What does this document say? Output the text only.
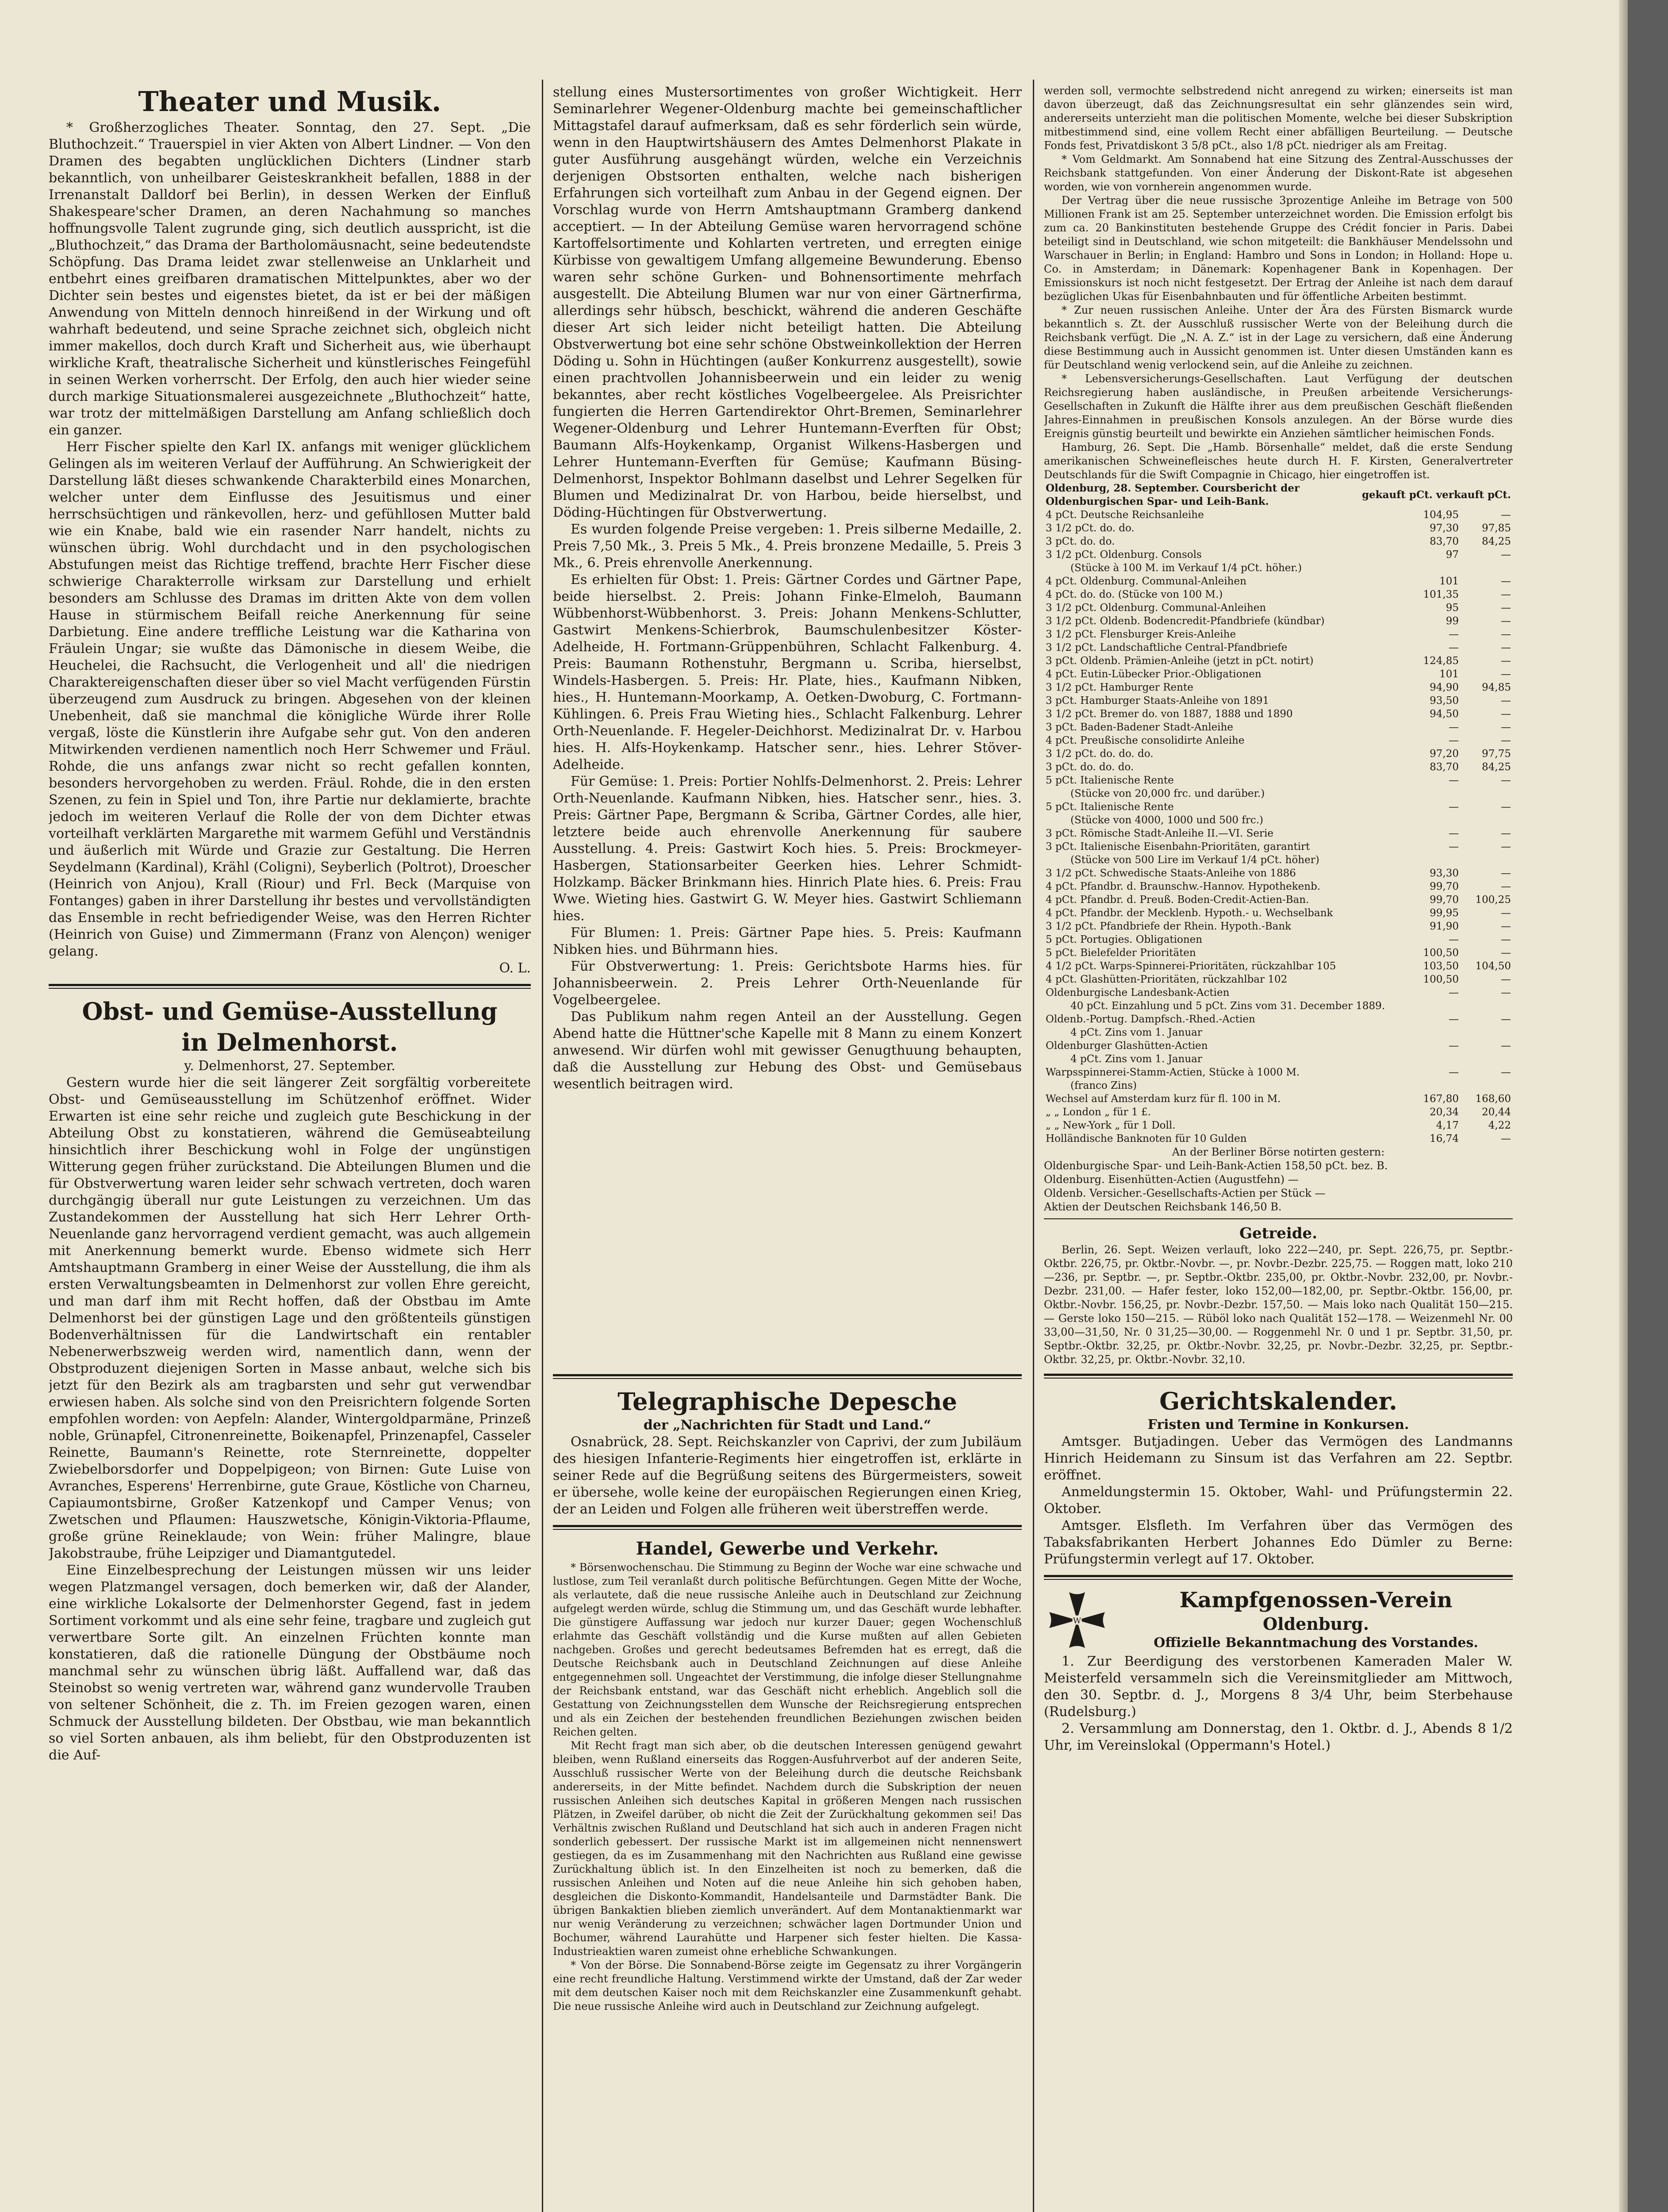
Theater und Musik.

* Großherzogliches Theater. Sonntag, den 27. Sept. „Die Bluthochzeit.“ Trauerspiel in vier Akten von Albert Lindner. — Von den Dramen des begabten unglücklichen Dichters (Lindner starb bekanntlich, von unheilbarer Geisteskrankheit befallen, 1888 in der Irrenanstalt Dalldorf bei Berlin), in dessen Werken der Einfluß Shakespeare'scher Dramen, an deren Nachahmung so manches hoffnungsvolle Talent zugrunde ging, sich deutlich ausspricht, ist die „Bluthochzeit,“ das Drama der Bartholomäusnacht, seine bedeutendste Schöpfung. Das Drama leidet zwar stellenweise an Unklarheit und entbehrt eines greifbaren dramatischen Mittelpunktes, aber wo der Dichter sein bestes und eigenstes bietet, da ist er bei der mäßigen Anwendung von Mitteln dennoch hinreißend in der Wirkung und oft wahrhaft bedeutend, und seine Sprache zeichnet sich, obgleich nicht immer makellos, doch durch Kraft und Sicherheit aus, wie überhaupt wirkliche Kraft, theatralische Sicherheit und künstlerisches Feingefühl in seinen Werken vorherrscht. Der Erfolg, den auch hier wieder seine durch markige Situationsmalerei ausgezeichnete „Bluthochzeit“ hatte, war trotz der mittelmäßigen Darstellung am Anfang schließlich doch ein ganzer.

Herr Fischer spielte den Karl IX. anfangs mit weniger glücklichem Gelingen als im weiteren Verlauf der Aufführung. An Schwierigkeit der Darstellung läßt dieses schwankende Charakterbild eines Monarchen, welcher unter dem Einflusse des Jesuitismus und einer herrschsüchtigen und ränkevollen, herz- und gefühllosen Mutter bald wie ein Knabe, bald wie ein rasender Narr handelt, nichts zu wünschen übrig. Wohl durchdacht und in den psychologischen Abstufungen meist das Richtige treffend, brachte Herr Fischer diese schwierige Charakterrolle wirksam zur Darstellung und erhielt besonders am Schlusse des Dramas im dritten Akte von dem vollen Hause in stürmischem Beifall reiche Anerkennung für seine Darbietung. Eine andere treffliche Leistung war die Katharina von Fräulein Ungar; sie wußte das Dämonische in diesem Weibe, die Heuchelei, die Rachsucht, die Verlogenheit und all' die niedrigen Charaktereigenschaften dieser über so viel Macht verfügenden Fürstin überzeugend zum Ausdruck zu bringen. Abgesehen von der kleinen Unebenheit, daß sie manchmal die königliche Würde ihrer Rolle vergaß, löste die Künstlerin ihre Aufgabe sehr gut. Von den anderen Mitwirkenden verdienen namentlich noch Herr Schwemer und Fräul. Rohde, die uns anfangs zwar nicht so recht gefallen konnten, besonders hervorgehoben zu werden. Fräul. Rohde, die in den ersten Szenen, zu fein in Spiel und Ton, ihre Partie nur deklamierte, brachte jedoch im weiteren Verlauf die Rolle der von dem Dichter etwas vorteilhaft verklärten Margarethe mit warmem Gefühl und Verständnis und äußerlich mit Würde und Grazie zur Gestaltung. Die Herren Seydelmann (Kardinal), Krähl (Coligni), Seyberlich (Poltrot), Droescher (Heinrich von Anjou), Krall (Riour) und Frl. Beck (Marquise von Fontanges) gaben in ihrer Darstellung ihr bestes und vervollständigten das Ensemble in recht befriedigender Weise, was den Herren Richter (Heinrich von Guise) und Zimmermann (Franz von Alençon) weniger gelang.

O. L.

Obst- und Gemüse-Ausstellung
in Delmenhorst.

y. Delmenhorst, 27. September.

Gestern wurde hier die seit längerer Zeit sorgfältig vorbereitete Obst- und Gemüseausstellung im Schützenhof eröffnet. Wider Erwarten ist eine sehr reiche und zugleich gute Beschickung in der Abteilung Obst zu konstatieren, während die Gemüseabteilung hinsichtlich ihrer Beschickung wohl in Folge der ungünstigen Witterung gegen früher zurückstand. Die Abteilungen Blumen und die für Obstverwertung waren leider sehr schwach vertreten, doch waren durchgängig überall nur gute Leistungen zu verzeichnen. Um das Zustandekommen der Ausstellung hat sich Herr Lehrer Orth-Neuenlande ganz hervorragend verdient gemacht, was auch allgemein mit Anerkennung bemerkt wurde. Ebenso widmete sich Herr Amtshauptmann Gramberg in einer Weise der Ausstellung, die ihm als ersten Verwaltungsbeamten in Delmenhorst zur vollen Ehre gereicht, und man darf ihm mit Recht hoffen, daß der Obstbau im Amte Delmenhorst bei der günstigen Lage und den größtenteils günstigen Bodenverhältnissen für die Landwirtschaft ein rentabler Nebenerwerbszweig werden wird, namentlich dann, wenn der Obstproduzent diejenigen Sorten in Masse anbaut, welche sich bis jetzt für den Bezirk als am tragbarsten und sehr gut verwendbar erwiesen haben. Als solche sind von den Preisrichtern folgende Sorten empfohlen worden: von Aepfeln: Alander, Wintergoldparmäne, Prinzeß noble, Grünapfel, Citronenreinette, Boikenapfel, Prinzenapfel, Casseler Reinette, Baumann's Reinette, rote Sternreinette, doppelter Zwiebelborsdorfer und Doppelpigeon; von Birnen: Gute Luise von Avranches, Esperens' Herrenbirne, gute Graue, Köstliche von Charneu, Capiaumontsbirne, Großer Katzenkopf und Camper Venus; von Zwetschen und Pflaumen: Hauszwetsche, Königin-Viktoria-Pflaume, große grüne Reineklaude; von Wein: früher Malingre, blaue Jakobstraube, frühe Leipziger und Diamantgutedel.

Eine Einzelbesprechung der Leistungen müssen wir uns leider wegen Platzmangel versagen, doch bemerken wir, daß der Alander, eine wirkliche Lokalsorte der Delmenhorster Gegend, fast in jedem Sortiment vorkommt und als eine sehr feine, tragbare und zugleich gut verwertbare Sorte gilt. An einzelnen Früchten konnte man konstatieren, daß die rationelle Düngung der Obstbäume noch manchmal sehr zu wünschen übrig läßt. Auffallend war, daß das Steinobst so wenig vertreten war, während ganz wundervolle Trauben von seltener Schönheit, die z. Th. im Freien gezogen waren, einen Schmuck der Ausstellung bildeten. Der Obstbau, wie man bekanntlich so viel Sorten anbauen, als ihm beliebt, für den Obstproduzenten ist die Auf-

stellung eines Mustersortimentes von großer Wichtigkeit. Herr Seminarlehrer Wegener-Oldenburg machte bei gemeinschaftlicher Mittagstafel darauf aufmerksam, daß es sehr förderlich sein würde, wenn in den Hauptwirtshäusern des Amtes Delmenhorst Plakate in guter Ausführung ausgehängt würden, welche ein Verzeichnis derjenigen Obstsorten enthalten, welche nach bisherigen Erfahrungen sich vorteilhaft zum Anbau in der Gegend eignen. Der Vorschlag wurde von Herrn Amtshauptmann Gramberg dankend acceptiert. — In der Abteilung Gemüse waren hervorragend schöne Kartoffelsortimente und Kohlarten vertreten, und erregten einige Kürbisse von gewaltigem Umfang allgemeine Bewunderung. Ebenso waren sehr schöne Gurken- und Bohnensortimente mehrfach ausgestellt. Die Abteilung Blumen war nur von einer Gärtnerfirma, allerdings sehr hübsch, beschickt, während die anderen Geschäfte dieser Art sich leider nicht beteiligt hatten. Die Abteilung Obstverwertung bot eine sehr schöne Obstweinkollektion der Herren Döding u. Sohn in Hüchtingen (außer Konkurrenz ausgestellt), sowie einen prachtvollen Johannisbeerwein und ein leider zu wenig bekanntes, aber recht köstliches Vogelbeergelee. Als Preisrichter fungierten die Herren Gartendirektor Ohrt-Bremen, Seminarlehrer Wegener-Oldenburg und Lehrer Huntemann-Everften für Obst; Baumann Alfs-Hoykenkamp, Organist Wilkens-Hasbergen und Lehrer Huntemann-Everften für Gemüse; Kaufmann Büsing-Delmenhorst, Inspektor Bohlmann daselbst und Lehrer Segelken für Blumen und Medizinalrat Dr. von Harbou, beide hierselbst, und Döding-Hüchtingen für Obstverwertung.

Es wurden folgende Preise vergeben: 1. Preis silberne Medaille, 2. Preis 7,50 Mk., 3. Preis 5 Mk., 4. Preis bronzene Medaille, 5. Preis 3 Mk., 6. Preis ehrenvolle Anerkennung.

Es erhielten für Obst: 1. Preis: Gärtner Cordes und Gärtner Pape, beide hierselbst. 2. Preis: Johann Finke-Elmeloh, Baumann Wübbenhorst-Wübbenhorst. 3. Preis: Johann Menkens-Schlutter, Gastwirt Menkens-Schierbrok, Baumschulenbesitzer Köster-Adelheide, H. Fortmann-Grüppenbühren, Schlacht Falkenburg. 4. Preis: Baumann Rothenstuhr, Bergmann u. Scriba, hierselbst, Windels-Hasbergen. 5. Preis: Hr. Plate, hies., Kaufmann Nibken, hies., H. Huntemann-Moorkamp, A. Oetken-Dwoburg, C. Fortmann-Kühlingen. 6. Preis Frau Wieting hies., Schlacht Falkenburg. Lehrer Orth-Neuenlande. F. Hegeler-Deichhorst. Medizinalrat Dr. v. Harbou hies. H. Alfs-Hoykenkamp. Hatscher senr., hies. Lehrer Stöver-Adelheide.

Für Gemüse: 1. Preis: Portier Nohlfs-Delmenhorst. 2. Preis: Lehrer Orth-Neuenlande. Kaufmann Nibken, hies. Hatscher senr., hies. 3. Preis: Gärtner Pape, Bergmann & Scriba, Gärtner Cordes, alle hier, letztere beide auch ehrenvolle Anerkennung für saubere Ausstellung. 4. Preis: Gastwirt Koch hies. 5. Preis: Brockmeyer-Hasbergen, Stationsarbeiter Geerken hies. Lehrer Schmidt-Holzkamp. Bäcker Brinkmann hies. Hinrich Plate hies. 6. Preis: Frau Wwe. Wieting hies. Gastwirt G. W. Meyer hies. Gastwirt Schliemann hies.

Für Blumen: 1. Preis: Gärtner Pape hies. 5. Preis: Kaufmann Nibken hies. und Bührmann hies.

Für Obstverwertung: 1. Preis: Gerichtsbote Harms hies. für Johannisbeerwein. 2. Preis Lehrer Orth-Neuenlande für Vogelbeergelee.

Das Publikum nahm regen Anteil an der Ausstellung. Gegen Abend hatte die Hüttner'sche Kapelle mit 8 Mann zu einem Konzert anwesend. Wir dürfen wohl mit gewisser Genugthuung behaupten, daß die Ausstellung zur Hebung des Obst- und Gemüsebaus wesentlich beitragen wird.

Telegraphische Depesche

der „Nachrichten für Stadt und Land.“

Osnabrück, 28. Sept. Reichskanzler von Caprivi, der zum Jubiläum des hiesigen Infanterie-Regiments hier eingetroffen ist, erklärte in seiner Rede auf die Begrüßung seitens des Bürgermeisters, soweit er übersehe, wolle keine der europäischen Regierungen einen Krieg, der an Leiden und Folgen alle früheren weit überstreffen werde.

Handel, Gewerbe und Verkehr.

* Börsenwochenschau. Die Stimmung zu Beginn der Woche war eine schwache und lustlose, zum Teil veranlaßt durch politische Befürchtungen. Gegen Mitte der Woche, als verlautete, daß die neue russische Anleihe auch in Deutschland zur Zeichnung aufgelegt werden würde, schlug die Stimmung um, und das Geschäft wurde lebhafter. Die günstigere Auffassung war jedoch nur kurzer Dauer; gegen Wochenschluß erlahmte das Geschäft vollständig und die Kurse mußten auf allen Gebieten nachgeben. Großes und gerecht bedeutsames Befremden hat es erregt, daß die Deutsche Reichsbank auch in Deutschland Zeichnungen auf diese Anleihe entgegennehmen soll. Ungeachtet der Verstimmung, die infolge dieser Stellungnahme der Reichsbank entstand, war das Geschäft nicht erheblich. Angeblich soll die Gestattung von Zeichnungsstellen dem Wunsche der Reichsregierung entsprechen und als ein Zeichen der bestehenden freundlichen Beziehungen zwischen beiden Reichen gelten.

Mit Recht fragt man sich aber, ob die deutschen Interessen genügend gewahrt bleiben, wenn Rußland einerseits das Roggen-Ausfuhrverbot auf der anderen Seite, Ausschluß russischer Werte von der Beleihung durch die deutsche Reichsbank andererseits, in der Mitte befindet. Nachdem durch die Subskription der neuen russischen Anleihen sich deutsches Kapital in größeren Mengen nach russischen Plätzen, in Zweifel darüber, ob nicht die Zeit der Zurückhaltung gekommen sei! Das Verhältnis zwischen Rußland und Deutschland hat sich auch in anderen Fragen nicht sonderlich gebessert. Der russische Markt ist im allgemeinen nicht nennenswert gestiegen, da es im Zusammenhang mit den Nachrichten aus Rußland eine gewisse Zurückhaltung üblich ist. In den Einzelheiten ist noch zu bemerken, daß die russischen Anleihen und Noten auf die neue Anleihe hin sich gehoben haben, desgleichen die Diskonto-Kommandit, Handelsanteile und Darmstädter Bank. Die übrigen Bankaktien blieben ziemlich unverändert. Auf dem Montanaktienmarkt war nur wenig Veränderung zu verzeichnen; schwächer lagen Dortmunder Union und Bochumer, während Laurahütte und Harpener sich fester hielten. Die Kassa-Industrieaktien waren zumeist ohne erhebliche Schwankungen.

* Von der Börse. Die Sonnabend-Börse zeigte im Gegensatz zu ihrer Vorgängerin eine recht freundliche Haltung. Verstimmend wirkte der Umstand, daß der Zar weder mit dem deutschen Kaiser noch mit dem Reichskanzler eine Zusammenkunft gehabt. Die neue russische Anleihe wird auch in Deutschland zur Zeichnung aufgelegt.

werden soll, vermochte selbstredend nicht anregend zu wirken; einerseits ist man davon überzeugt, daß das Zeichnungsresultat ein sehr glänzendes sein wird, andererseits unterzieht man die politischen Momente, welche bei dieser Subskription mitbestimmend sind, eine vollem Recht einer abfälligen Beurteilung. — Deutsche Fonds fest, Privatdiskont 3 5/8 pCt., also 1/8 pCt. niedriger als am Freitag.

* Vom Geldmarkt. Am Sonnabend hat eine Sitzung des Zentral-Ausschusses der Reichsbank stattgefunden. Von einer Änderung der Diskont-Rate ist abgesehen worden, wie von vornherein angenommen wurde.

Der Vertrag über die neue russische 3prozentige Anleihe im Betrage von 500 Millionen Frank ist am 25. September unterzeichnet worden. Die Emission erfolgt bis zum ca. 20 Bankinstituten bestehende Gruppe des Crédit foncier in Paris. Dabei beteiligt sind in Deutschland, wie schon mitgeteilt: die Bankhäuser Mendelssohn und Warschauer in Berlin; in England: Hambro und Sons in London; in Holland: Hope u. Co. in Amsterdam; in Dänemark: Kopenhagener Bank in Kopenhagen. Der Emissionskurs ist noch nicht festgesetzt. Der Ertrag der Anleihe ist nach dem darauf bezüglichen Ukas für Eisenbahnbauten und für öffentliche Arbeiten bestimmt.

* Zur neuen russischen Anleihe. Unter der Ära des Fürsten Bismarck wurde bekanntlich s. Zt. der Ausschluß russischer Werte von der Beleihung durch die Reichsbank verfügt. Die „N. A. Z.“ ist in der Lage zu versichern, daß eine Änderung diese Bestimmung auch in Aussicht genommen ist. Unter diesen Umständen kann es für Deutschland wenig verlockend sein, auf die Anleihe zu zeichnen.

* Lebensversicherungs-Gesellschaften. Laut Verfügung der deutschen Reichsregierung haben ausländische, in Preußen arbeitende Versicherungs-Gesellschaften in Zukunft die Hälfte ihrer aus dem preußischen Geschäft fließenden Jahres-Einnahmen in preußischen Konsols anzulegen. An der Börse wurde dies Ereignis günstig beurteilt und bewirkte ein Anziehen sämtlicher heimischen Fonds.

Hamburg, 26. Sept. Die „Hamb. Börsenhalle“ meldet, daß die erste Sendung amerikanischen Schweinefleisches heute durch H. F. Kirsten, Generalvertreter Deutschlands für die Swift Compagnie in Chicago, hier eingetroffen ist.

Oldenburg, 28. September. Coursbericht der Oldenburgischen Spar- und Leih-Bank.	gekauft pCt.	verkauft pCt.
4 pCt. Deutsche Reichsanleihe	104,95	—
3 1/2 pCt. do. do.	97,30	97,85
3 pCt. do. do.	83,70	84,25
3 1/2 pCt. Oldenburg. Consols	97	—
(Stücke à 100 M. im Verkauf 1/4 pCt. höher.)		
4 pCt. Oldenburg. Communal-Anleihen	101	—
4 pCt. do. do. (Stücke von 100 M.)	101,35	—
3 1/2 pCt. Oldenburg. Communal-Anleihen	95	—
3 1/2 pCt. Oldenb. Bodencredit-Pfandbriefe (kündbar)	99	—
3 1/2 pCt. Flensburger Kreis-Anleihe	—	—
3 1/2 pCt. Landschaftliche Central-Pfandbriefe	—	—
3 pCt. Oldenb. Prämien-Anleihe (jetzt in pCt. notirt)	124,85	—
4 pCt. Eutin-Lübecker Prior.-Obligationen	101	—
3 1/2 pCt. Hamburger Rente	94,90	94,85
3 pCt. Hamburger Staats-Anleihe von 1891	93,50	—
3 1/2 pCt. Bremer do. von 1887, 1888 und 1890	94,50	—
3 pCt. Baden-Badener Stadt-Anleihe	—	—
4 pCt. Preußische consolidirte Anleihe	—	—
3 1/2 pCt. do. do. do.	97,20	97,75
3 pCt. do. do. do.	83,70	84,25
5 pCt. Italienische Rente	—	—
(Stücke von 20,000 frc. und darüber.)		
5 pCt. Italienische Rente	—	—
(Stücke von 4000, 1000 und 500 frc.)		
3 pCt. Römische Stadt-Anleihe II.—VI. Serie	—	—
3 pCt. Italienische Eisenbahn-Prioritäten, garantirt	—	—
(Stücke von 500 Lire im Verkauf 1/4 pCt. höher)		
3 1/2 pCt. Schwedische Staats-Anleihe von 1886	93,30	—
4 pCt. Pfandbr. d. Braunschw.-Hannov. Hypothekenb.	99,70	—
4 pCt. Pfandbr. d. Preuß. Boden-Credit-Actien-Ban.	99,70	100,25
4 pCt. Pfandbr. der Mecklenb. Hypoth.- u. Wechselbank	99,95	—
3 1/2 pCt. Pfandbriefe der Rhein. Hypoth.-Bank	91,90	—
5 pCt. Portugies. Obligationen	—	—
5 pCt. Bielefelder Prioritäten	100,50	—
4 1/2 pCt. Warps-Spinnerei-Prioritäten, rückzahlbar 105	103,50	104,50
4 pCt. Glashütten-Prioritäten, rückzahlbar 102	100,50	—
Oldenburgische Landesbank-Actien	—	—
40 pCt. Einzahlung und 5 pCt. Zins vom 31. December 1889.		
Oldenb.-Portug. Dampfsch.-Rhed.-Actien	—	—
4 pCt. Zins vom 1. Januar		
Oldenburger Glashütten-Actien	—	—
4 pCt. Zins vom 1. Januar		
Warpsspinnerei-Stamm-Actien, Stücke à 1000 M.	—	—
(franco Zins)		
Wechsel auf Amsterdam kurz für fl. 100 in M.	167,80	168,60
„ „ London „ für 1 £.	20,34	20,44
„ „ New-York „ für 1 Doll.	4,17	4,22
Holländische Banknoten für 10 Gulden	16,74	—

An der Berliner Börse notirten gestern:

Oldenburgische Spar- und Leih-Bank-Actien 158,50 pCt. bez. B.

Oldenburg. Eisenhütten-Actien (Augustfehn) —

Oldenb. Versicher.-Gesellschafts-Actien per Stück —

Aktien der Deutschen Reichsbank 146,50 B.

Getreide.

Berlin, 26. Sept. Weizen verlauft, loko 222—240, pr. Sept. 226,75, pr. Septbr.-Oktbr. 226,75, pr. Oktbr.-Novbr. —, pr. Novbr.-Dezbr. 225,75. — Roggen matt, loko 210—236, pr. Septbr. —, pr. Septbr.-Oktbr. 235,00, pr. Oktbr.-Novbr. 232,00, pr. Novbr.-Dezbr. 231,00. — Hafer fester, loko 152,00—182,00, pr. Septbr.-Oktbr. 156,00, pr. Oktbr.-Novbr. 156,25, pr. Novbr.-Dezbr. 157,50. — Mais loko nach Qualität 150—215. — Gerste loko 150—215. — Rüböl loko nach Qualität 152—178. — Weizenmehl Nr. 00 33,00—31,50, Nr. 0 31,25—30,00. — Roggenmehl Nr. 0 und 1 pr. Septbr. 31,50, pr. Septbr.-Oktbr. 32,25, pr. Oktbr.-Novbr. 32,25, pr. Novbr.-Dezbr. 32,25, pr. Septbr.-Oktbr. 32,25, pr. Oktbr.-Novbr. 32,10.

Gerichtskalender.

Fristen und Termine in Konkursen.

Amtsger. Butjadingen. Ueber das Vermögen des Landmanns Hinrich Heidemann zu Sinsum ist das Verfahren am 22. Septbr. eröffnet.

Anmeldungstermin 15. Oktober, Wahl- und Prüfungstermin 22. Oktober.

Amtsger. Elsfleth. Im Verfahren über das Vermögen des Tabaksfabrikanten Herbert Johannes Edo Dümler zu Berne: Prüfungstermin verlegt auf 17. Oktober.

W
Kampfgenossen-Verein
Oldenburg.

Offizielle Bekanntmachung des Vorstandes.

1. Zur Beerdigung des verstorbenen Kameraden Maler W. Meisterfeld versammeln sich die Vereinsmitglieder am Mittwoch, den 30. Septbr. d. J., Morgens 8 3/4 Uhr, beim Sterbehause (Rudelsburg.)

2. Versammlung am Donnerstag, den 1. Oktbr. d. J., Abends 8 1/2 Uhr, im Vereinslokal (Oppermann's Hotel.)
